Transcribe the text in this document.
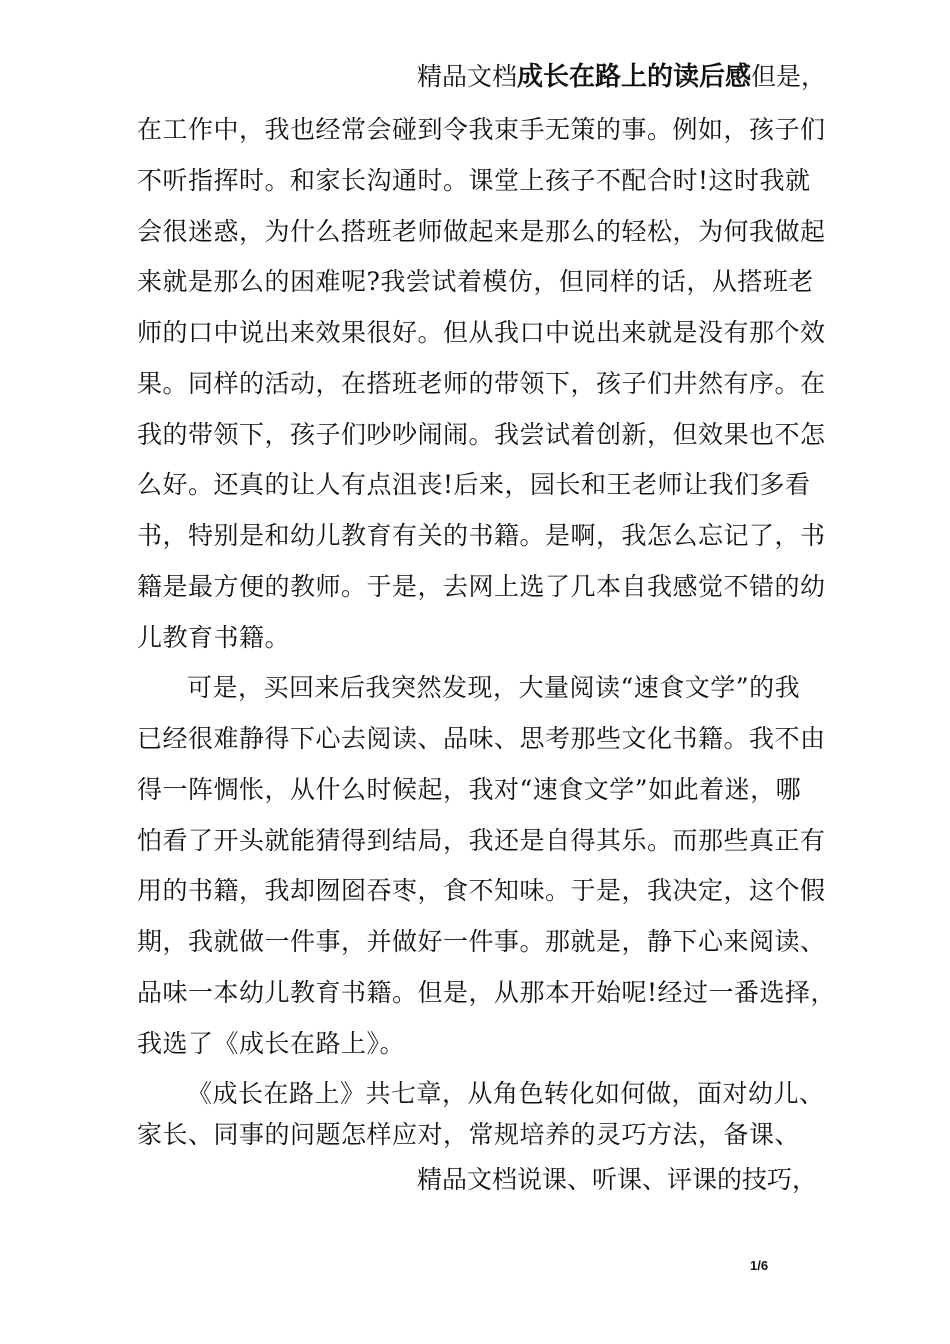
精品文档成长在路上的读后感但是，
在工作中，我也经常会碰到令我束手无策的事。例如，孩子们
不听指挥时。和家长沟通时。课堂上孩子不配合时!这时我就
会很迷惑，为什么搭班老师做起来是那么的轻松，为何我做起
来就是那么的困难呢?我尝试着模仿，但同样的话，从搭班老
师的口中说出来效果很好。但从我口中说出来就是没有那个效
果。同样的活动，在搭班老师的带领下，孩子们井然有序。在
我的带领下，孩子们吵吵闹闹。我尝试着创新，但效果也不怎
么好。还真的让人有点沮丧!后来，园长和王老师让我们多看
书，特别是和幼儿教育有关的书籍。是啊，我怎么忘记了，书
籍是最方便的教师。于是，去网上选了几本自我感觉不错的幼
儿教育书籍。
可是，买回来后我突然发现，大量阅读“速食文学”的我
已经很难静得下心去阅读、品味、思考那些文化书籍。我不由
得一阵惆怅，从什么时候起，我对“速食文学”如此着迷，哪
怕看了开头就能猜得到结局，我还是自得其乐。而那些真正有
用的书籍，我却囫囵吞枣，食不知味。于是，我决定，这个假
期，我就做一件事，并做好一件事。那就是，静下心来阅读、
品味一本幼儿教育书籍。但是，从那本开始呢!经过一番选择，
我选了《成长在路上》。
《成长在路上》共七章，从角色转化如何做，面对幼儿、
家长、同事的问题怎样应对，常规培养的灵巧方法，备课、
精品文档说课、听课、评课的技巧，
1/6
